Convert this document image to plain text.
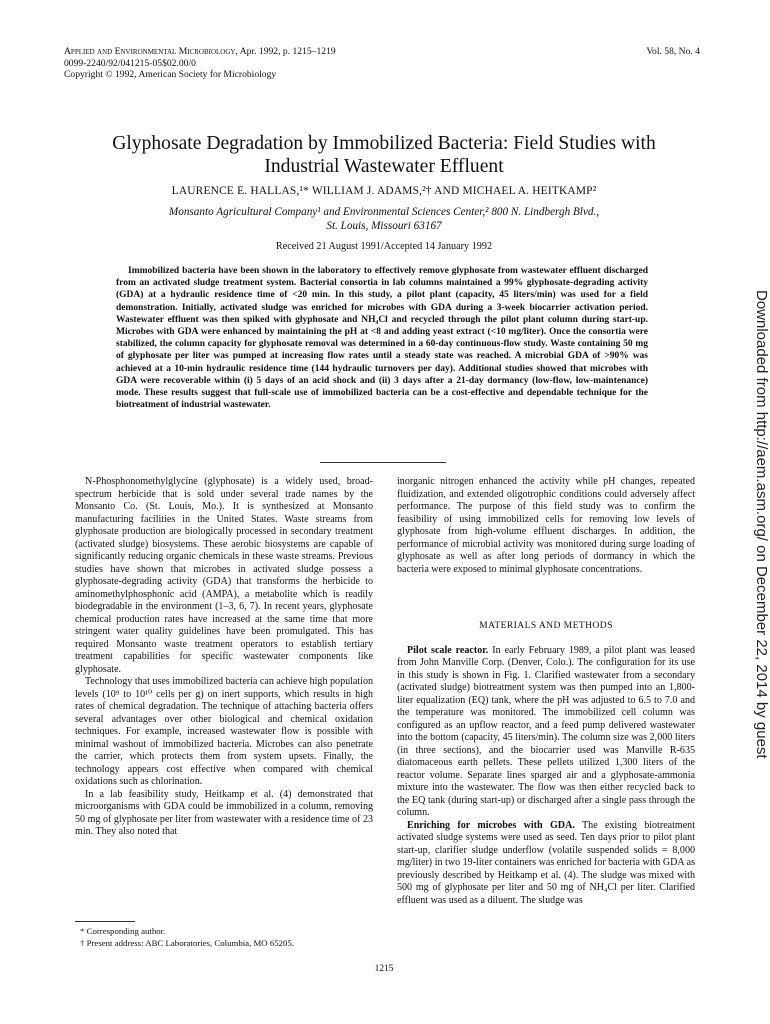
Applied and Environmental Microbiology, Apr. 1992, p. 1215–1219	Vol. 58, No. 4
0099-2240/92/041215-05$02.00/0
Copyright © 1992, American Society for Microbiology
Glyphosate Degradation by Immobilized Bacteria: Field Studies with
Industrial Wastewater Effluent
LAURENCE E. HALLAS,¹* WILLIAM J. ADAMS,²† AND MICHAEL A. HEITKAMP²
Monsanto Agricultural Company¹ and Environmental Sciences Center,² 800 N. Lindbergh Blvd.,
St. Louis, Missouri 63167
Received 21 August 1991/Accepted 14 January 1992
Immobilized bacteria have been shown in the laboratory to effectively remove glyphosate from wastewater effluent discharged from an activated sludge treatment system. Bacterial consortia in lab columns maintained a 99% glyphosate-degrading activity (GDA) at a hydraulic residence time of <20 min. In this study, a pilot plant (capacity, 45 liters/min) was used for a field demonstration. Initially, activated sludge was enriched for microbes with GDA during a 3-week biocarrier activation period. Wastewater effluent was then spiked with glyphosate and NH₄Cl and recycled through the pilot plant column during start-up. Microbes with GDA were enhanced by maintaining the pH at <8 and adding yeast extract (<10 mg/liter). Once the consortia were stabilized, the column capacity for glyphosate removal was determined in a 60-day continuous-flow study. Waste containing 50 mg of glyphosate per liter was pumped at increasing flow rates until a steady state was reached. A microbial GDA of >90% was achieved at a 10-min hydraulic residence time (144 hydraulic turnovers per day). Additional studies showed that microbes with GDA were recoverable within (i) 5 days of an acid shock and (ii) 3 days after a 21-day dormancy (low-flow, low-maintenance) mode. These results suggest that full-scale use of immobilized bacteria can be a cost-effective and dependable technique for the biotreatment of industrial wastewater.

N-Phosphonomethylglycine (glyphosate) is a widely used, broad-spectrum herbicide that is sold under several trade names by the Monsanto Co. (St. Louis, Mo.). It is synthesized at Monsanto manufacturing facilities in the United States. Waste streams from glyphosate production are biologically processed in secondary treatment (activated sludge) biosystems. These aerobic biosystems are capable of significantly reducing organic chemicals in these waste streams. Previous studies have shown that microbes in activated sludge possess a glyphosate-degrading activity (GDA) that transforms the herbicide to aminomethylphosphonic acid (AMPA), a metabolite which is readily biodegradable in the environment (1–3, 6, 7). In recent years, glyphosate chemical production rates have increased at the same time that more stringent water quality guidelines have been promulgated. This has required Monsanto waste treatment operators to establish tertiary treatment capabilities for specific wastewater components like glyphosate.

Technology that uses immobilized bacteria can achieve high population levels (10⁹ to 10¹⁰ cells per g) on inert supports, which results in high rates of chemical degradation. The technique of attaching bacteria offers several advantages over other biological and chemical oxidation techniques. For example, increased wastewater flow is possible with minimal washout of immobilized bacteria. Microbes can also penetrate the carrier, which protects them from system upsets. Finally, the technology appears cost effective when compared with chemical oxidations such as chlorination.

In a lab feasibility study, Heitkamp et al. (4) demonstrated that microorganisms with GDA could be immobilized in a column, removing 50 mg of glyphosate per liter from wastewater with a residence time of 23 min. They also noted that

inorganic nitrogen enhanced the activity while pH changes, repeated fluidization, and extended oligotrophic conditions could adversely affect performance. The purpose of this field study was to confirm the feasibility of using immobilized cells for removing low levels of glyphosate from high-volume effluent discharges. In addition, the performance of microbial activity was monitored during surge loading of glyphosate as well as after long periods of dormancy in which the bacteria were exposed to minimal glyphosate concentrations.

MATERIALS AND METHODS

Pilot scale reactor. In early February 1989, a pilot plant was leased from John Manville Corp. (Denver, Colo.). The configuration for its use in this study is shown in Fig. 1. Clarified wastewater from a secondary (activated sludge) biotreatment system was then pumped into an 1,800-liter equalization (EQ) tank, where the pH was adjusted to 6.5 to 7.0 and the temperature was monitored. The immobilized cell column was configured as an upflow reactor, and a feed pump delivered wastewater into the bottom (capacity, 45 liters/min). The column size was 2,000 liters (in three sections), and the biocarrier used was Manville R-635 diatomaceous earth pellets. These pellets utilized 1,300 liters of the reactor volume. Separate lines sparged air and a glyphosate-ammonia mixture into the wastewater. The flow was then either recycled back to the EQ tank (during start-up) or discharged after a single pass through the column.

Enriching for microbes with GDA. The existing biotreatment activated sludge systems were used as seed. Ten days prior to pilot plant start-up, clarifier sludge underflow (volatile suspended solids = 8,000 mg/liter) in two 19-liter containers was enriched for bacteria with GDA as previously described by Heitkamp et al. (4). The sludge was mixed with 500 mg of glyphosate per liter and 50 mg of NH₄Cl per liter. Clarified effluent was used as a diluent. The sludge was

* Corresponding author.
† Present address: ABC Laboratories, Columbia, MO 65205.
1215
Downloaded from http://aem.asm.org/ on December 22, 2014 by guest
